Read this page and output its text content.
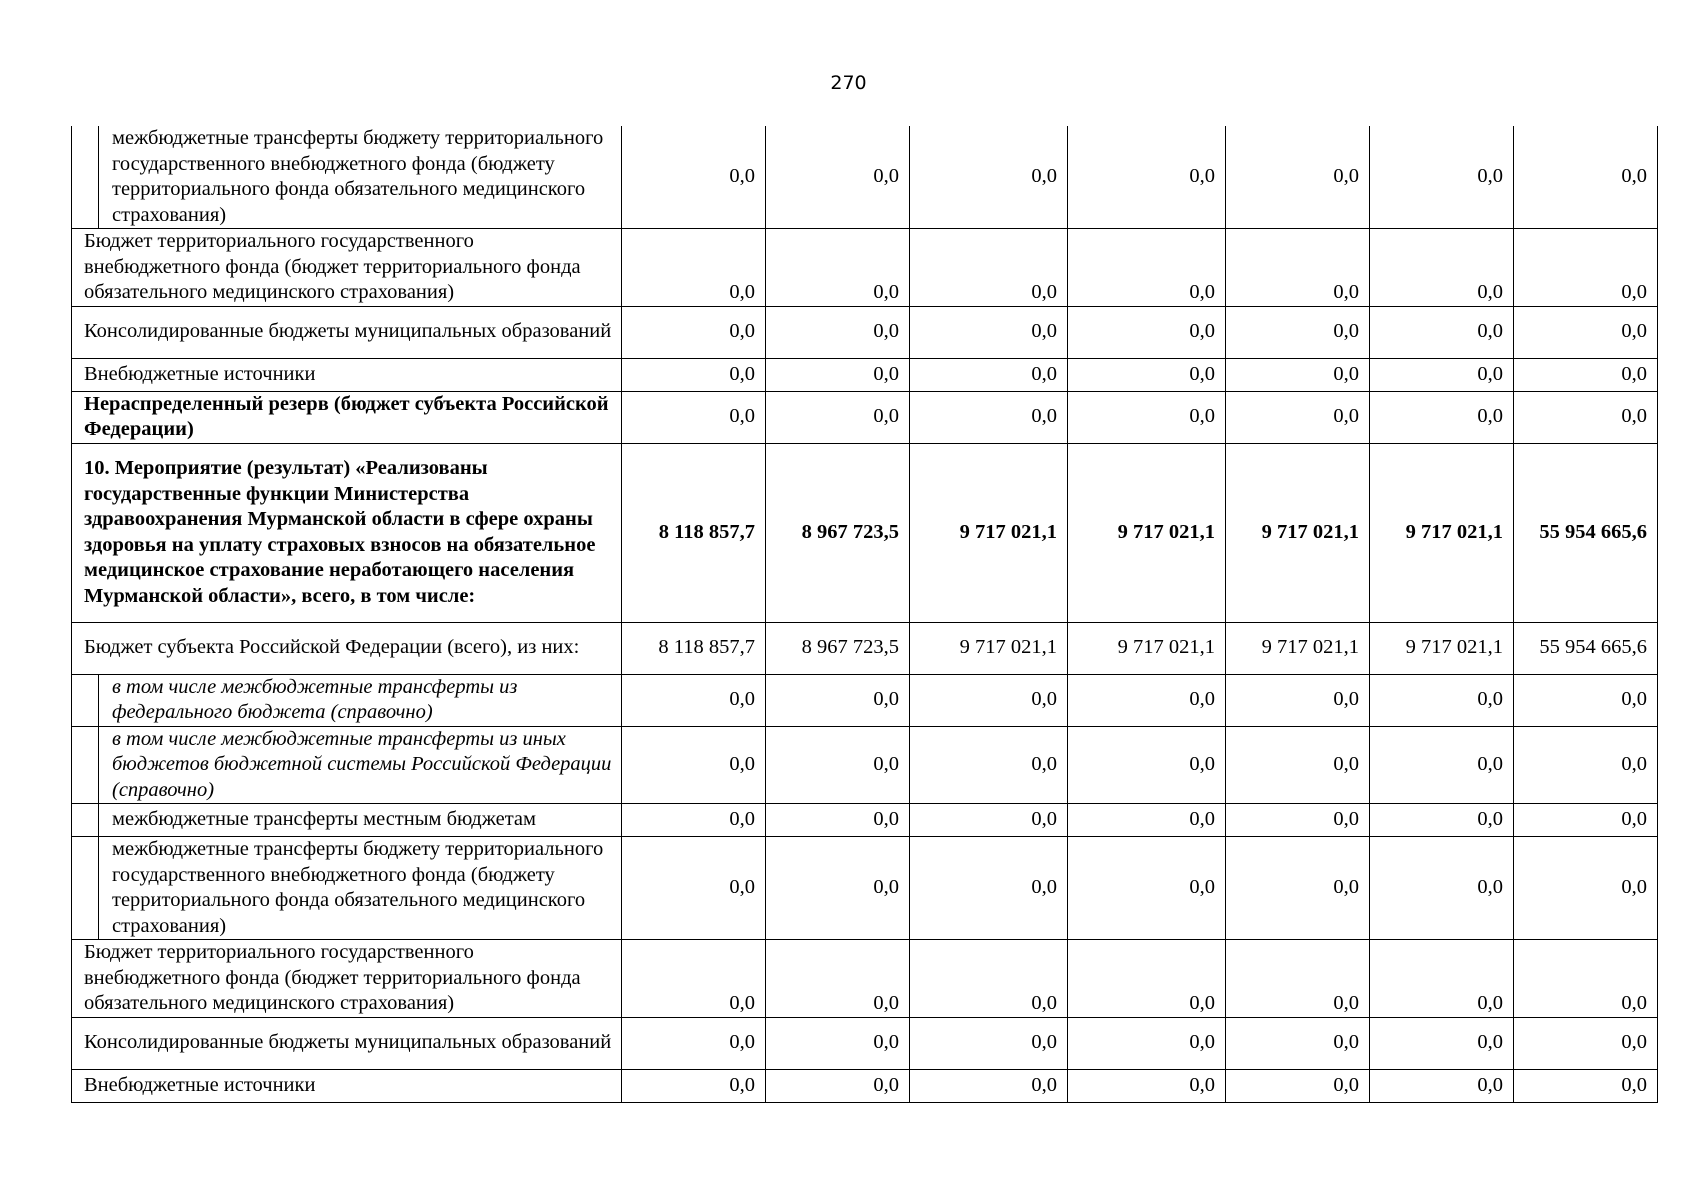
270
	межбюджетные трансферты бюджету территориального государственного внебюджетного фонда (бюджету территориального фонда обязательного медицинского страхования)	0,0	0,0	0,0	0,0	0,0	0,0	0,0
Бюджет территориального государственного внебюджетного фонда (бюджет территориального фонда обязательного медицинского страхования)		0,0	0,0	0,0	0,0	0,0	0,0	0,0
Консолидированные бюджеты муниципальных образований		0,0	0,0	0,0	0,0	0,0	0,0	0,0
Внебюджетные источники		0,0	0,0	0,0	0,0	0,0	0,0	0,0
Нераспределенный резерв (бюджет субъекта Российской Федерации)		0,0	0,0	0,0	0,0	0,0	0,0	0,0
10. Мероприятие (результат) «Реализованы государственные функции Министерства здравоохранения Мурманской области в сфере охраны здоровья на уплату страховых взносов на обязательное медицинское страхование неработающего населения Мурманской области», всего, в том числе:		8 118 857,7	8 967 723,5	9 717 021,1	9 717 021,1	9 717 021,1	9 717 021,1	55 954 665,6
Бюджет субъекта Российской Федерации (всего), из них:		8 118 857,7	8 967 723,5	9 717 021,1	9 717 021,1	9 717 021,1	9 717 021,1	55 954 665,6
	в том числе межбюджетные трансферты из федерального бюджета (справочно)	0,0	0,0	0,0	0,0	0,0	0,0	0,0
	в том числе межбюджетные трансферты из иных бюджетов бюджетной системы Российской Федерации (справочно)	0,0	0,0	0,0	0,0	0,0	0,0	0,0
	межбюджетные трансферты местным бюджетам	0,0	0,0	0,0	0,0	0,0	0,0	0,0
	межбюджетные трансферты бюджету территориального государственного внебюджетного фонда (бюджету территориального фонда обязательного медицинского страхования)	0,0	0,0	0,0	0,0	0,0	0,0	0,0
Бюджет территориального государственного внебюджетного фонда (бюджет территориального фонда обязательного медицинского страхования)		0,0	0,0	0,0	0,0	0,0	0,0	0,0
Консолидированные бюджеты муниципальных образований		0,0	0,0	0,0	0,0	0,0	0,0	0,0
Внебюджетные источники		0,0	0,0	0,0	0,0	0,0	0,0	0,0
